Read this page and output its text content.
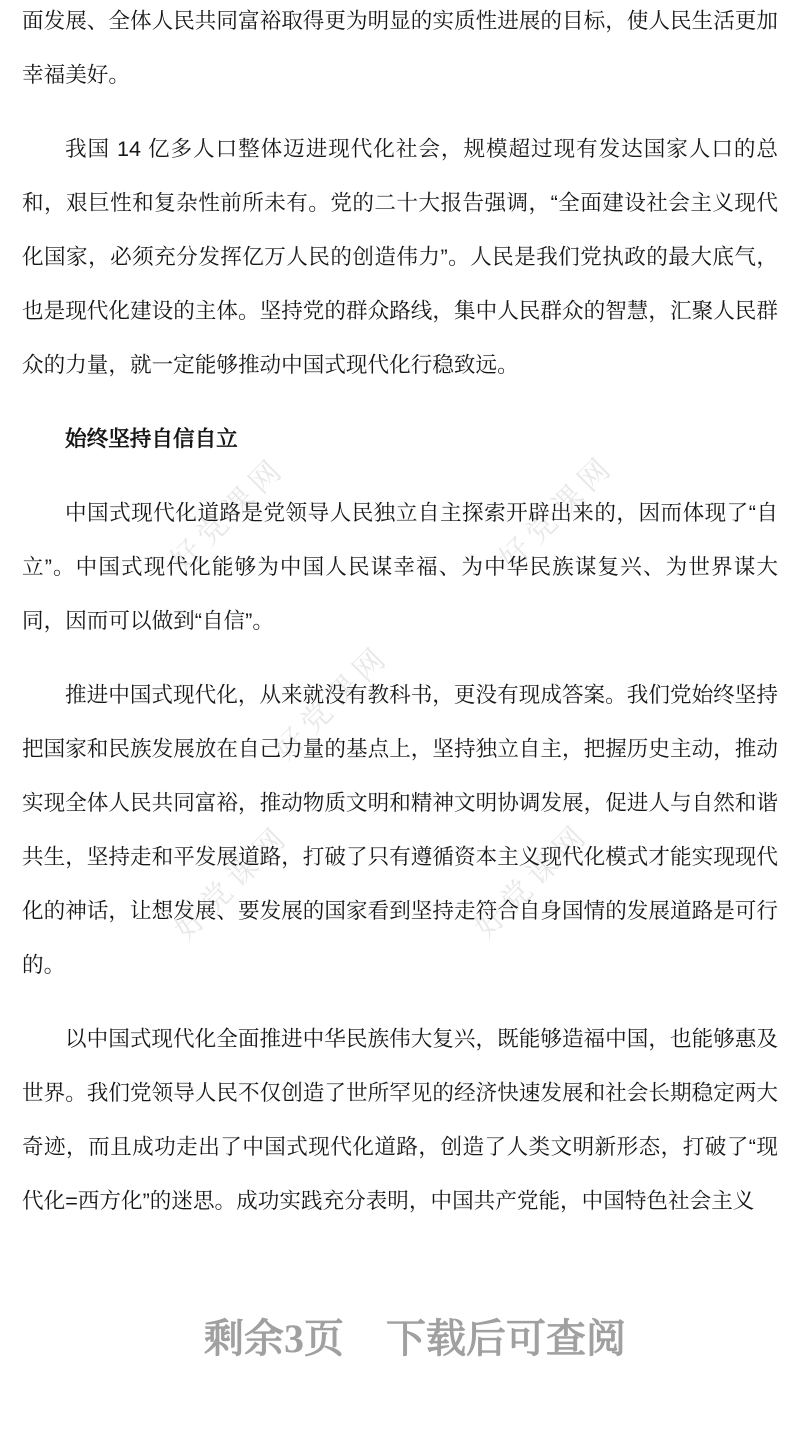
好党课网	好党课网
好党课网
好党课网	好党课网

面发展、全体人民共同富裕取得更为明显的实质性进展的目标，使人民生活更加幸福美好。

我国 14 亿多人口整体迈进现代化社会，规模超过现有发达国家人口的总和，艰巨性和复杂性前所未有。党的二十大报告强调，“全面建设社会主义现代化国家，必须充分发挥亿万人民的创造伟力”。人民是我们党执政的最大底气，也是现代化建设的主体。坚持党的群众路线，集中人民群众的智慧，汇聚人民群众的力量，就一定能够推动中国式现代化行稳致远。

始终坚持自信自立

中国式现代化道路是党领导人民独立自主探索开辟出来的，因而体现了“自立”。中国式现代化能够为中国人民谋幸福、为中华民族谋复兴、为世界谋大同，因而可以做到“自信”。

推进中国式现代化，从来就没有教科书，更没有现成答案。我们党始终坚持把国家和民族发展放在自己力量的基点上，坚持独立自主，把握历史主动，推动实现全体人民共同富裕，推动物质文明和精神文明协调发展，促进人与自然和谐共生，坚持走和平发展道路，打破了只有遵循资本主义现代化模式才能实现现代化的神话，让想发展、要发展的国家看到坚持走符合自身国情的发展道路是可行的。

以中国式现代化全面推进中华民族伟大复兴，既能够造福中国，也能够惠及世界。我们党领导人民不仅创造了世所罕见的经济快速发展和社会长期稳定两大奇迹，而且成功走出了中国式现代化道路，创造了人类文明新形态，打破了“现代化=西方化”的迷思。成功实践充分表明，中国共产党能，中国特色社会主义

剩余3页 下载后可查阅
